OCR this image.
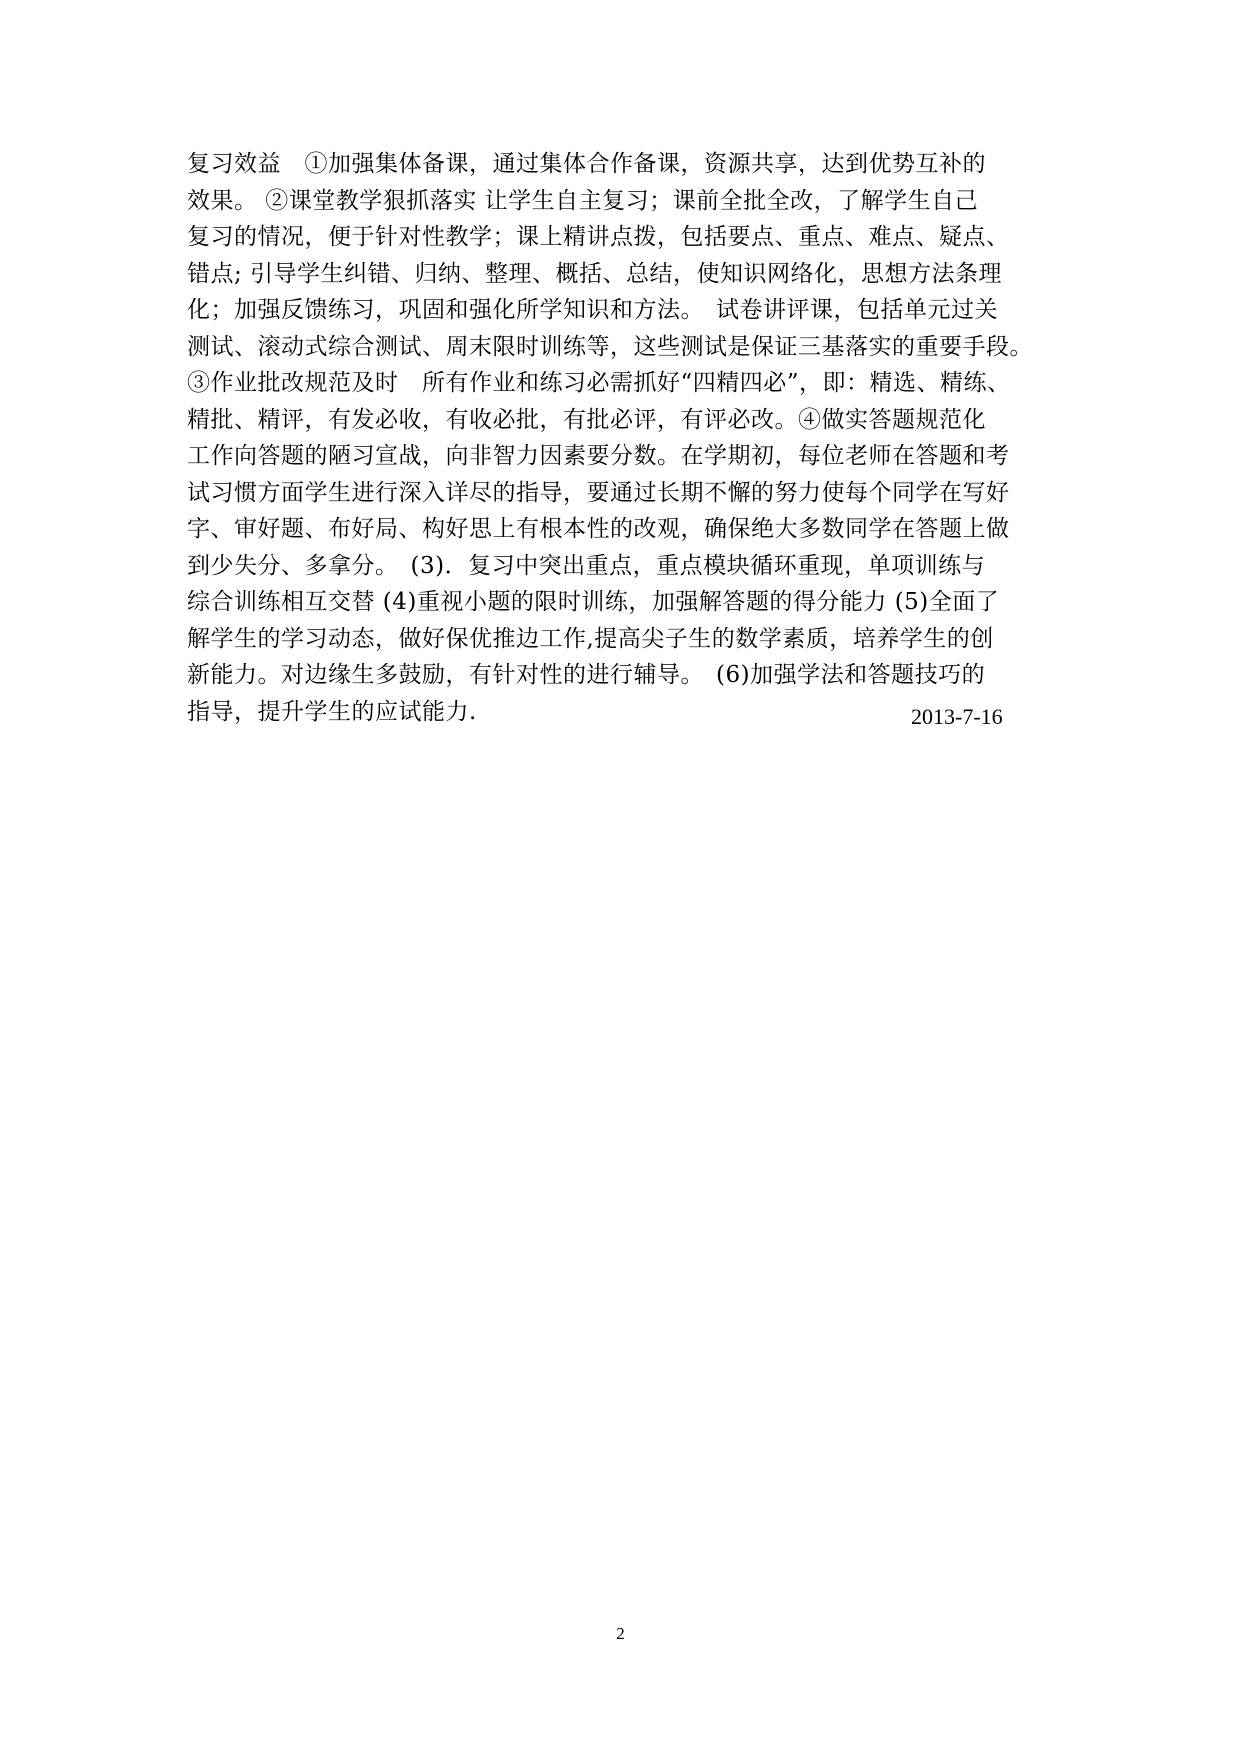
复习效益　①加强集体备课，通过集体合作备课，资源共享，达到优势互补的
效果。 ②课堂教学狠抓落实 让学生自主复习；课前全批全改，了解学生自己
复习的情况，便于针对性教学；课上精讲点拨，包括要点、重点、难点、疑点、
错点; 引导学生纠错、归纳、整理、概括、总结，使知识网络化，思想方法条理
化；加强反馈练习，巩固和强化所学知识和方法。　试卷讲评课，包括单元过关
测试、滚动式综合测试、周末限时训练等，这些测试是保证三基落实的重要手段。
③作业批改规范及时　所有作业和练习必需抓好“四精四必”，即：精选、精练、
精批、精评，有发必收，有收必批，有批必评，有评必改。④做实答题规范化
工作向答题的陋习宣战，向非智力因素要分数。在学期初，每位老师在答题和考
试习惯方面学生进行深入详尽的指导，要通过长期不懈的努力使每个同学在写好
字、审好题、布好局、构好思上有根本性的改观，确保绝大多数同学在答题上做
到少失分、多拿分。　(3)．复习中突出重点，重点模块循环重现，单项训练与
综合训练相互交替 (4)重视小题的限时训练，加强解答题的得分能力 (5)全面了
解学生的学习动态，做好保优推边工作,提高尖子生的数学素质，培养学生的创
新能力。对边缘生多鼓励，有针对性的进行辅导。　(6)加强学法和答题技巧的
指导，提升学生的应试能力.	2013-7-16
2
